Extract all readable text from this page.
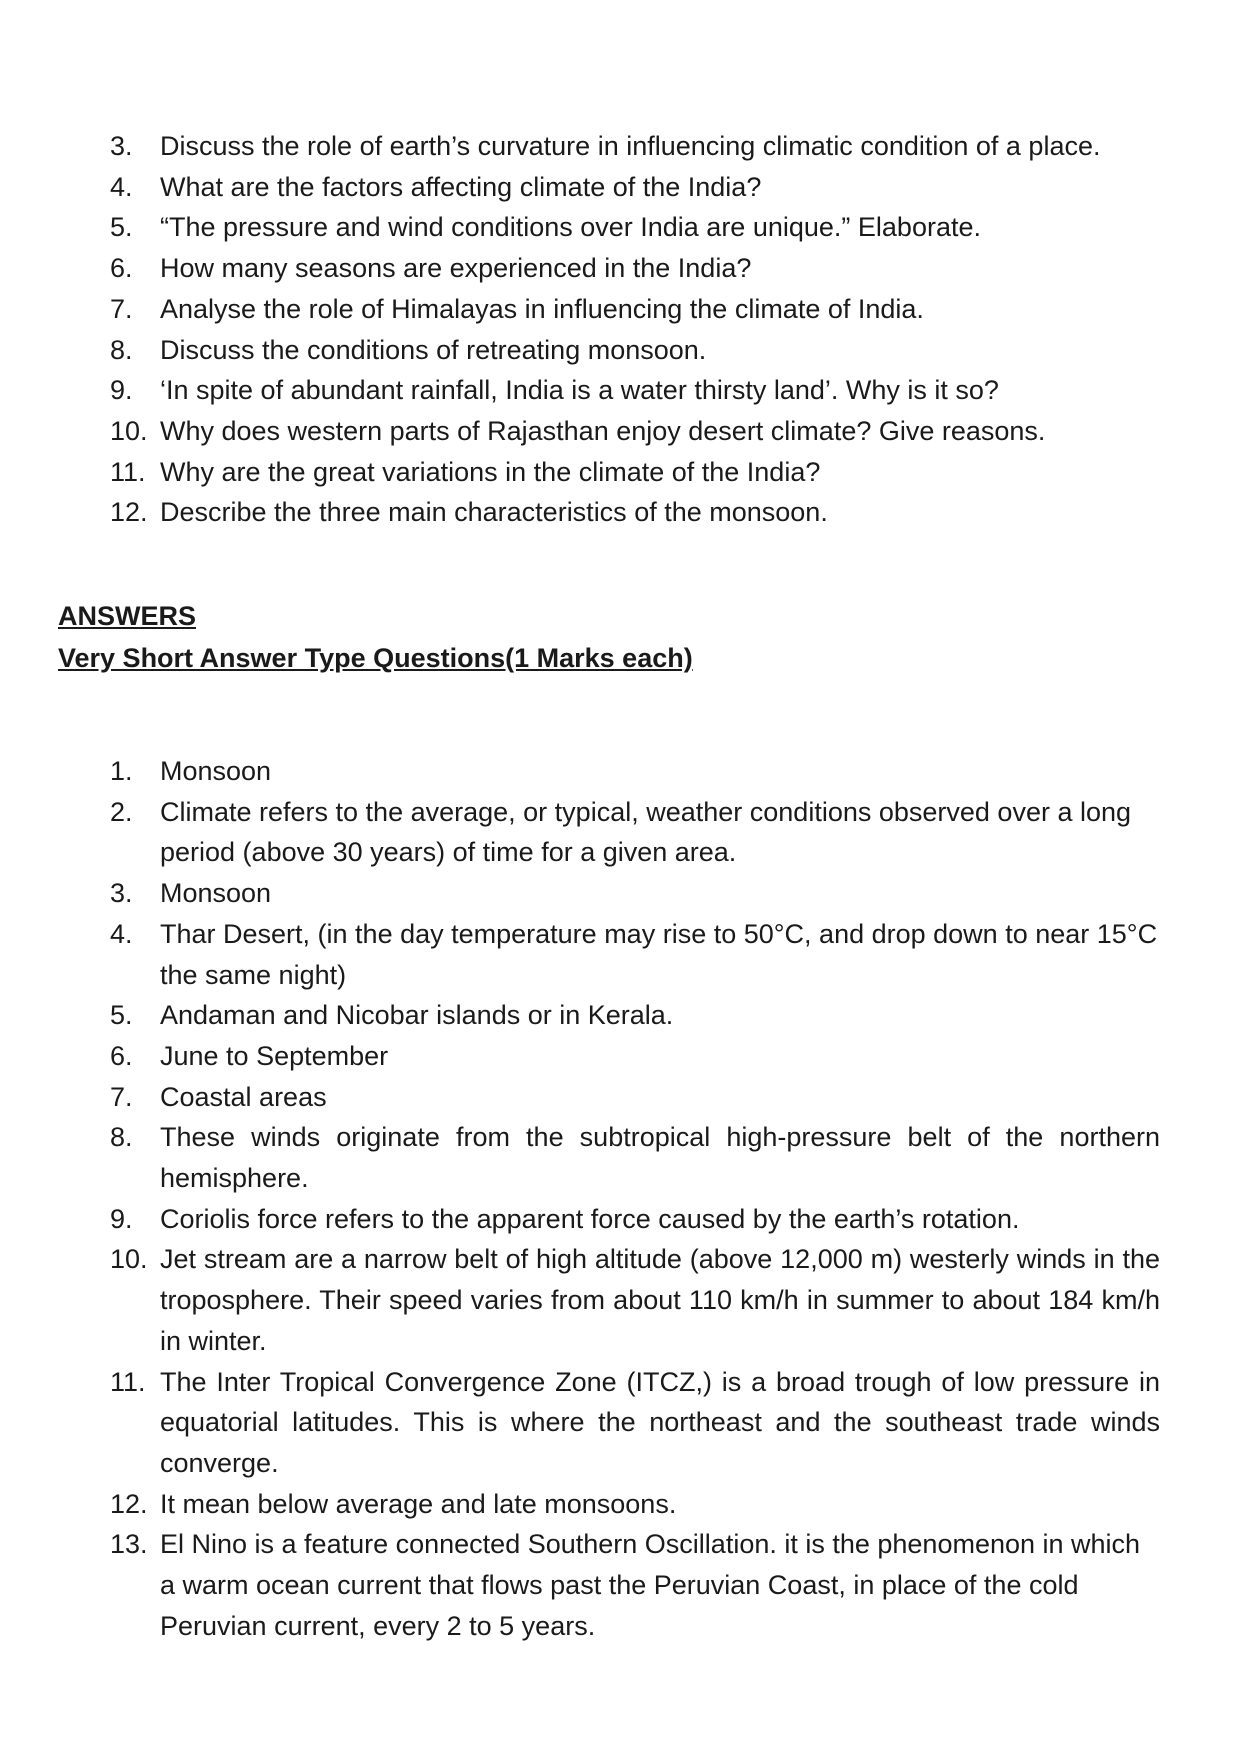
3.	Discuss the role of earth’s curvature in influencing climatic condition of a place.
4.	What are the factors affecting climate of the India?
5.	“The pressure and wind conditions over India are unique.” Elaborate.
6.	How many seasons are experienced in the India?
7.	Analyse the role of Himalayas in influencing the climate of India.
8.	Discuss the conditions of retreating monsoon.
9.	‘In spite of abundant rainfall, India is a water thirsty land’. Why is it so?
10. Why does western parts of Rajasthan enjoy desert climate? Give reasons.
11. Why are the great variations in the climate of the India?
12. Describe the three main characteristics of the monsoon.
ANSWERS
Very Short Answer Type Questions(1 Marks each)
1.	Monsoon
2.	Climate refers to the average, or typical, weather conditions observed over a long period (above 30 years) of time for a given area.
3.	Monsoon
4.	Thar Desert, (in the day temperature may rise to 50°C, and drop down to near 15°C the same night)
5.	Andaman and Nicobar islands or in Kerala.
6.	June to September
7.	Coastal areas
8.	These winds originate from the subtropical high-pressure belt of the northern hemisphere.
9.	Coriolis force refers to the apparent force caused by the earth’s rotation.
10. Jet stream are a narrow belt of high altitude (above 12,000 m) westerly winds in the troposphere. Their speed varies from about 110 km/h in summer to about 184 km/h in winter.
11. The Inter Tropical Convergence Zone (ITCZ,) is a broad trough of low pressure in equatorial latitudes. This is where the northeast and the southeast trade winds converge.
12. It mean below average and late monsoons.
13. El Nino is a feature connected Southern Oscillation. it is the phenomenon in which a warm ocean current that flows past the Peruvian Coast, in place of the cold Peruvian current, every 2 to 5 years.
